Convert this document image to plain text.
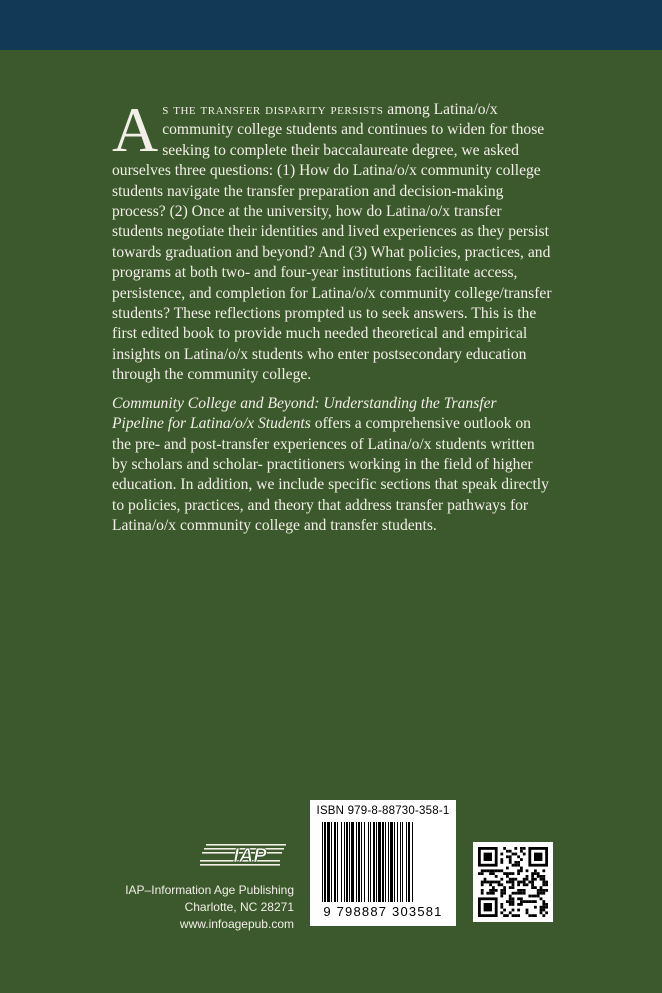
As the transfer disparity persists among Latina/o/x community college students and continues to widen for those seeking to complete their baccalaureate degree, we asked ourselves three questions: (1) How do Latina/o/x community college students navigate the transfer preparation and decision-making process? (2) Once at the university, how do Latina/o/x transfer students negotiate their identities and lived experiences as they persist towards graduation and beyond? And (3) What policies, practices, and programs at both two- and four-year institutions facilitate access, persistence, and completion for Latina/o/x community college/transfer students? These reflections prompted us to seek answers. This is the first edited book to provide much needed theoretical and empirical insights on Latina/o/x students who enter postsecondary education through the community college.

Community College and Beyond: Understanding the Transfer Pipeline for Latina/o/x Students offers a comprehensive outlook on the pre- and post-transfer experiences of Latina/o/x students written by scholars and scholar- practitioners working in the field of higher education. In addition, we include specific sections that speak directly to policies, practices, and theory that address transfer pathways for Latina/o/x community college and transfer students.

IAP
IAP–Information Age Publishing
Charlotte, NC 28271
www.infoagepub.com
ISBN 979-8-88730-358-1
9 798887 303581
